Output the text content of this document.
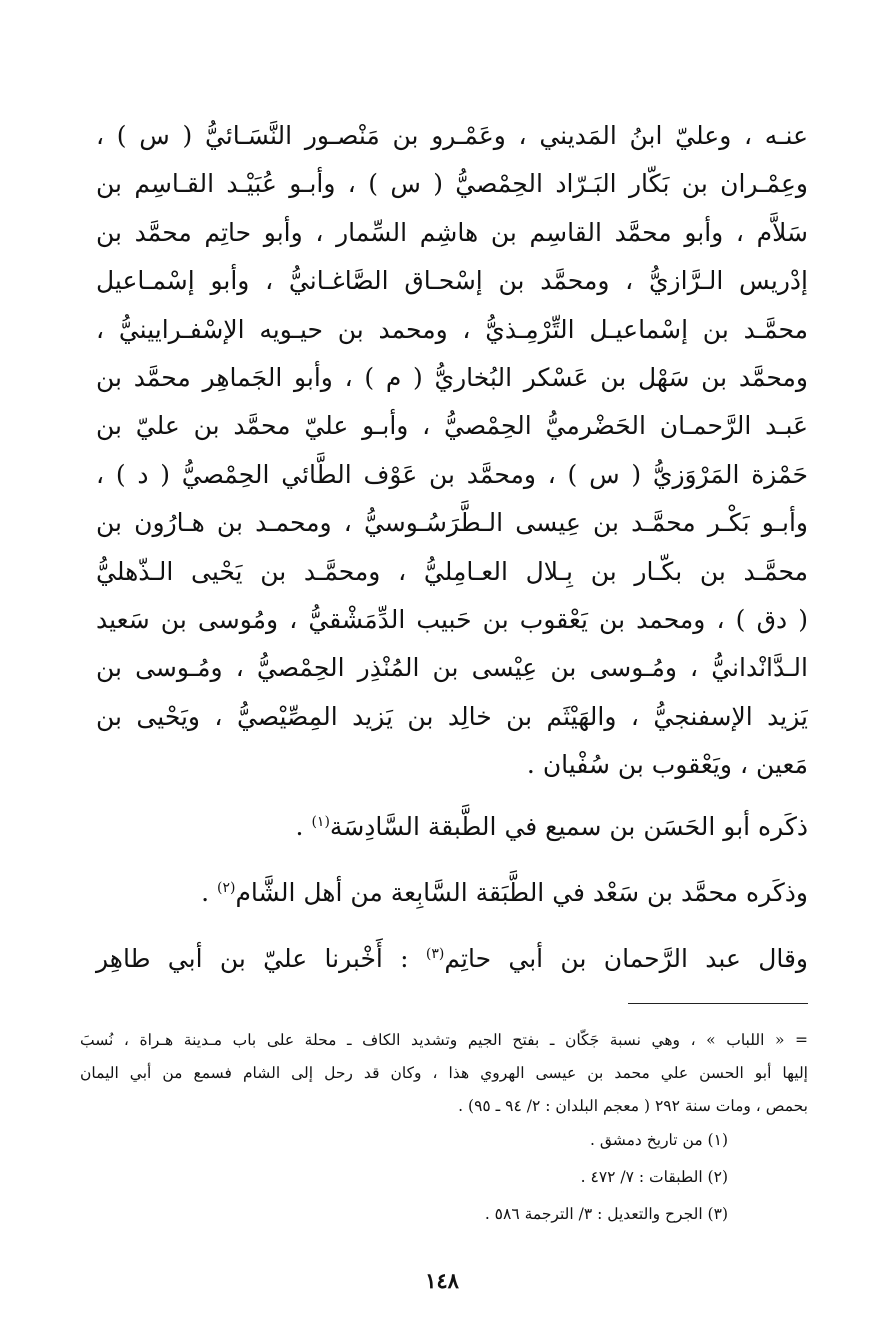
عنـه ، وعليّ ابنُ المَديني ، وعَمْـرو بن مَنْصـور النَّسَـائيُّ ( س ) ،
وعِمْـران بن بَكّار البَـرّاد الحِمْصيُّ ( س ) ، وأبـو عُبَيْـد القـاسِم بن
سَلاَّم ، وأبو محمَّد القاسِم بن هاشِم السِّمار ، وأبو حاتِم محمَّد بن
إدْريس الـرَّازيُّ ، ومحمَّد بن إسْحـاق الصَّاغـانيُّ ، وأبو إسْمـاعيل
محمَّـد بن إسْماعيـل التِّرْمِـذيُّ ، ومحمد بن حيـويه الإسْفـرايينيُّ ،
ومحمَّد بن سَهْل بن عَسْكر البُخاريُّ ( م ) ، وأبو الجَماهِر محمَّد بن
عَبـد الرَّحمـان الحَضْرميُّ الحِمْصيُّ ، وأبـو عليّ محمَّد بن عليّ بن
حَمْزة المَرْوَزيُّ ( س ) ، ومحمَّد بن عَوْف الطَّائي الحِمْصيُّ ( د ) ،
وأبـو بَكْـر محمَّـد بن عِيسى الـطَّرَسُـوسيُّ ، ومحمـد بن هـارُون بن
محمَّـد بن بكّـار بن بِـلال العـامِليُّ ، ومحمَّـد بن يَحْيى الـذّهليُّ
( دق ) ، ومحمد بن يَعْقوب بن حَبيب الدِّمَشْقيُّ ، ومُوسى بن سَعيد
الـدَّانْدانيُّ ، ومُـوسى بن عِيْسى بن المُنْذِر الحِمْصيُّ ، ومُـوسى بن
يَزيد الإسفنجيُّ ، والهَيْثَم بن خالِد بن يَزيد المِصِّيْصيُّ ، ويَحْيى بن
مَعين ، ويَعْقوب بن سُفْيان .
ذكَره أبو الحَسَن بن سميع في الطَّبقة السَّادِسَة$^{(١)}$ .
وذكَره محمَّد بن سَعْد في الطَّبَقة السَّابِعة من أهل الشَّام$^{(٢)}$ .
وقال عبد الرَّحمان بن أبي حاتِم$^{(٣)}$ : أَخْبرنا عليّ بن أبي طاهِر
= « اللباب » ، وهي نسبة جَكّان ـ بفتح الجيم وتشديد الكاف ـ محلة على باب مـدينة هـراة ، نُسبَ
إليها أبو الحسن علي محمد بن عيسى الهروي هذا ، وكان قد رحل إلى الشام فسمع من أبي اليمان
بحمص ، ومات سنة ٢٩٢ ( معجم البلدان : ٢/ ٩٤ ـ ٩٥) .
(١) من تاريخ دمشق .
(٢) الطبقات : ٧/ ٤٧٢ .
(٣) الجرح والتعديل : ٣/ الترجمة ٥٨٦ .
١٤٨
